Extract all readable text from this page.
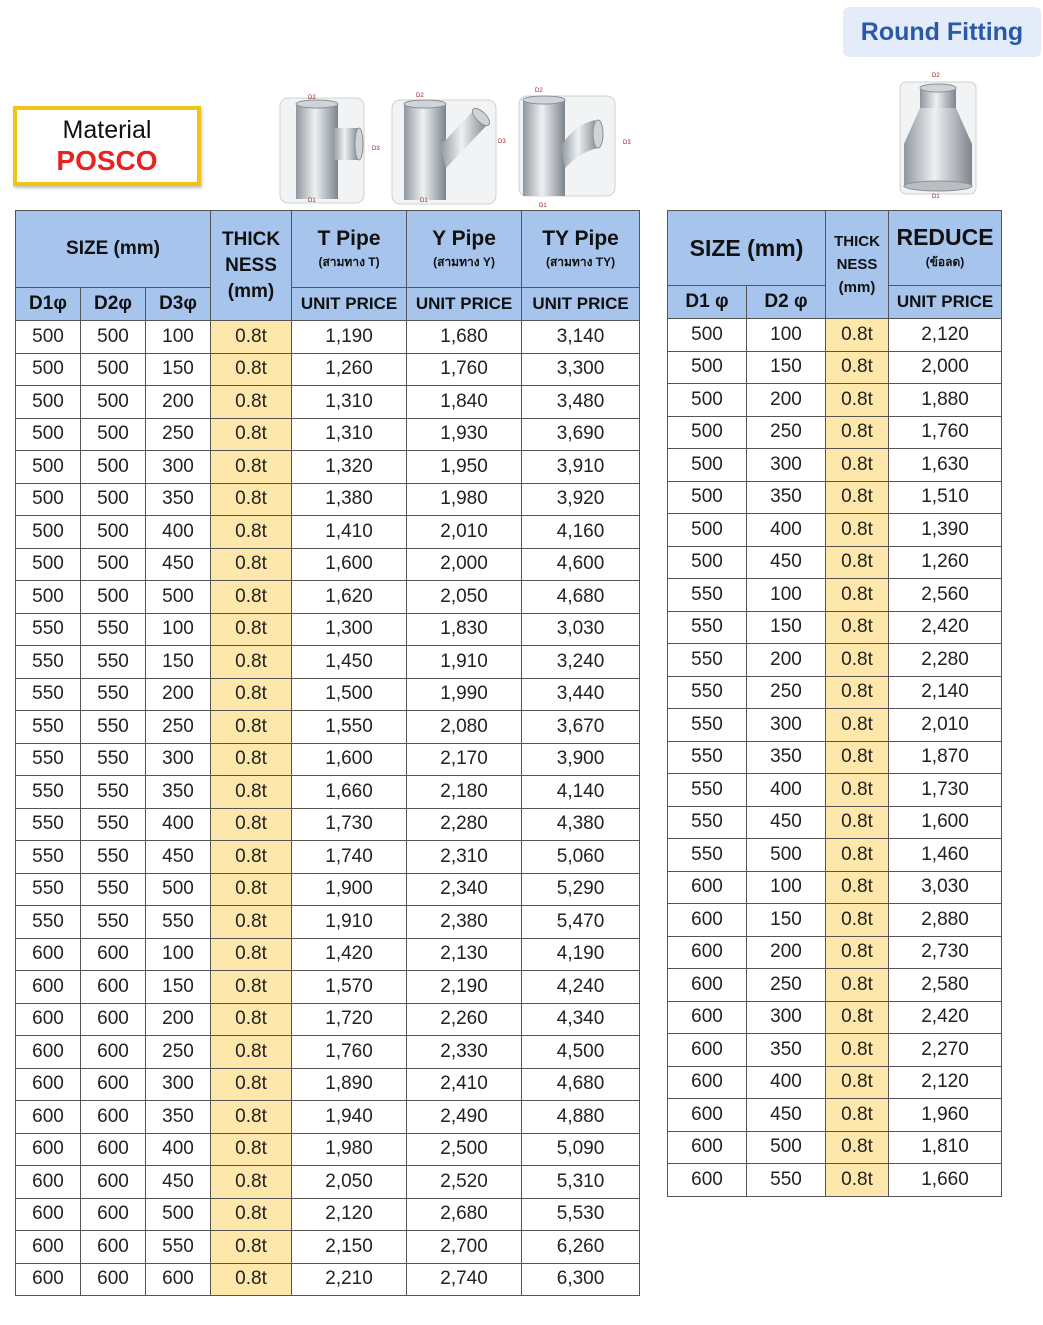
Round Fitting
Material
POSCO
D2
D3
D1
D2
D3
D1
D2
D3
D1
D2
D1
SIZE (mm)			THICK
NESS
(mm)	T Pipe
(สามทาง T)	Y Pipe
(สามทาง Y)	TY Pipe
(สามทาง TY)

D1φ	D2φ	D3φ		UNIT PRICE	UNIT PRICE	UNIT PRICE
500	500	100	0.8t	1,190	1,680	3,140
500	500	150	0.8t	1,260	1,760	3,300
500	500	200	0.8t	1,310	1,840	3,480
500	500	250	0.8t	1,310	1,930	3,690
500	500	300	0.8t	1,320	1,950	3,910
500	500	350	0.8t	1,380	1,980	3,920
500	500	400	0.8t	1,410	2,010	4,160
500	500	450	0.8t	1,600	2,000	4,600
500	500	500	0.8t	1,620	2,050	4,680
550	550	100	0.8t	1,300	1,830	3,030
550	550	150	0.8t	1,450	1,910	3,240
550	550	200	0.8t	1,500	1,990	3,440
550	550	250	0.8t	1,550	2,080	3,670
550	550	300	0.8t	1,600	2,170	3,900
550	550	350	0.8t	1,660	2,180	4,140
550	550	400	0.8t	1,730	2,280	4,380
550	550	450	0.8t	1,740	2,310	5,060
550	550	500	0.8t	1,900	2,340	5,290
550	550	550	0.8t	1,910	2,380	5,470
600	600	100	0.8t	1,420	2,130	4,190
600	600	150	0.8t	1,570	2,190	4,240
600	600	200	0.8t	1,720	2,260	4,340
600	600	250	0.8t	1,760	2,330	4,500
600	600	300	0.8t	1,890	2,410	4,680
600	600	350	0.8t	1,940	2,490	4,880
600	600	400	0.8t	1,980	2,500	5,090
600	600	450	0.8t	2,050	2,520	5,310
600	600	500	0.8t	2,120	2,680	5,530
600	600	550	0.8t	2,150	2,700	6,260
600	600	600	0.8t	2,210	2,740	6,300
SIZE (mm)		THICK
NESS
(mm)	REDUCE
(ข้อลด)

D1 φ	D2 φ		UNIT PRICE
500	100	0.8t	2,120
500	150	0.8t	2,000
500	200	0.8t	1,880
500	250	0.8t	1,760
500	300	0.8t	1,630
500	350	0.8t	1,510
500	400	0.8t	1,390
500	450	0.8t	1,260
550	100	0.8t	2,560
550	150	0.8t	2,420
550	200	0.8t	2,280
550	250	0.8t	2,140
550	300	0.8t	2,010
550	350	0.8t	1,870
550	400	0.8t	1,730
550	450	0.8t	1,600
550	500	0.8t	1,460
600	100	0.8t	3,030
600	150	0.8t	2,880
600	200	0.8t	2,730
600	250	0.8t	2,580
600	300	0.8t	2,420
600	350	0.8t	2,270
600	400	0.8t	2,120
600	450	0.8t	1,960
600	500	0.8t	1,810
600	550	0.8t	1,660
